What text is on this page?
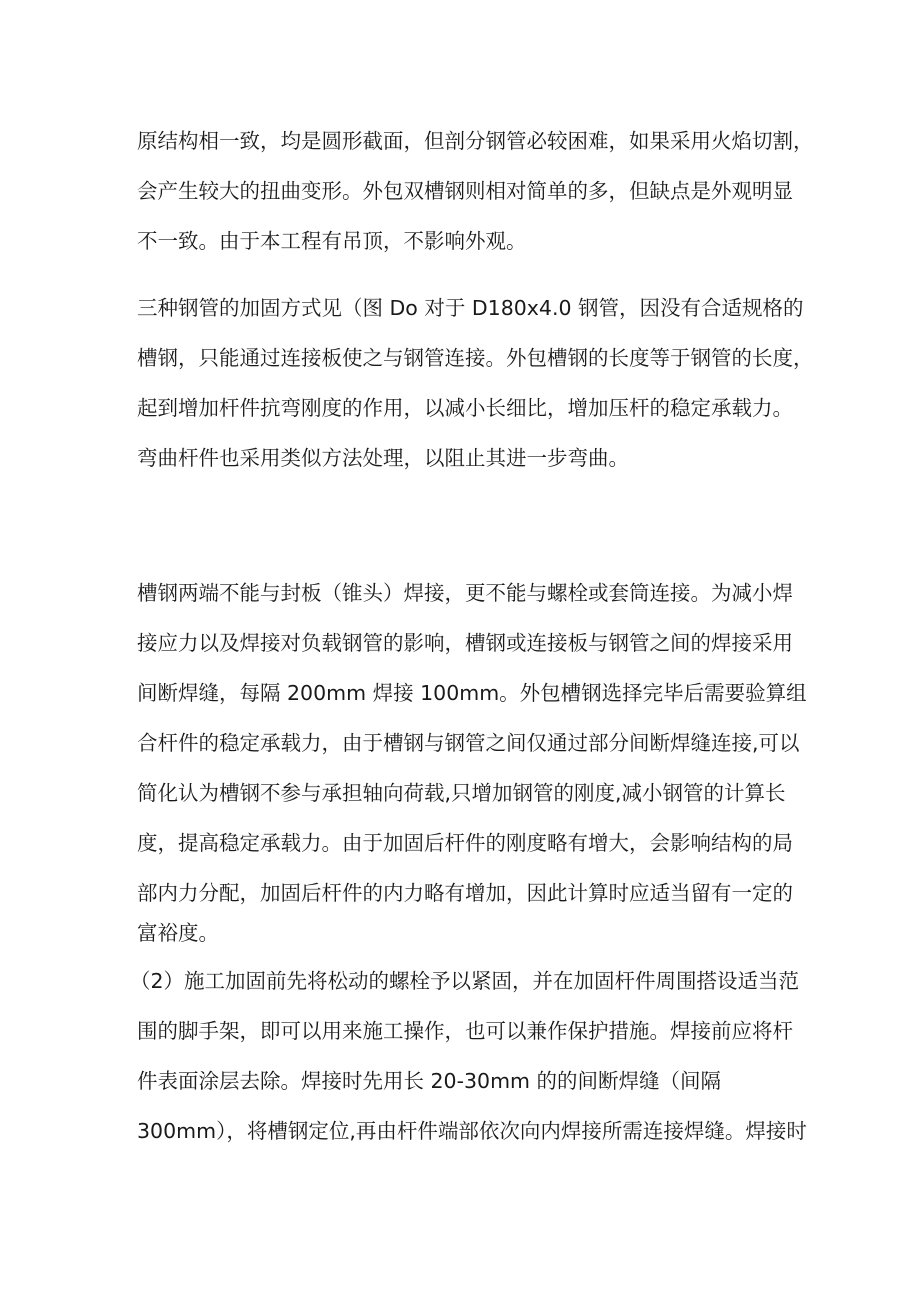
原结构相一致，均是圆形截面，但剖分钢管必较困难，如果采用火焰切割，
会产生较大的扭曲变形。外包双槽钢则相对简单的多，但缺点是外观明显
不一致。由于本工程有吊顶，不影响外观。
三种钢管的加固方式见（图 Do 对于 D180x4.0 钢管，因没有合适规格的
槽钢，只能通过连接板使之与钢管连接。外包槽钢的长度等于钢管的长度，
起到增加杆件抗弯刚度的作用，以减小长细比，增加压杆的稳定承载力。
弯曲杆件也采用类似方法处理，以阻止其进一步弯曲。
槽钢两端不能与封板（锥头）焊接，更不能与螺栓或套筒连接。为减小焊
接应力以及焊接对负载钢管的影响，槽钢或连接板与钢管之间的焊接采用
间断焊缝，每隔 200mm 焊接 100mm。外包槽钢选择完毕后需要验算组
合杆件的稳定承载力，由于槽钢与钢管之间仅通过部分间断焊缝连接,可以
简化认为槽钢不参与承担轴向荷载,只增加钢管的刚度,减小钢管的计算长
度，提高稳定承载力。由于加固后杆件的刚度略有增大，会影响结构的局
部内力分配，加固后杆件的内力略有增加，因此计算时应适当留有一定的
富裕度。
（2）施工加固前先将松动的螺栓予以紧固，并在加固杆件周围搭设适当范
围的脚手架，即可以用来施工操作，也可以兼作保护措施。焊接前应将杆
件表面涂层去除。焊接时先用长 20-30mm 的的间断焊缝（间隔
300mm），将槽钢定位,再由杆件端部依次向内焊接所需连接焊缝。焊接时
